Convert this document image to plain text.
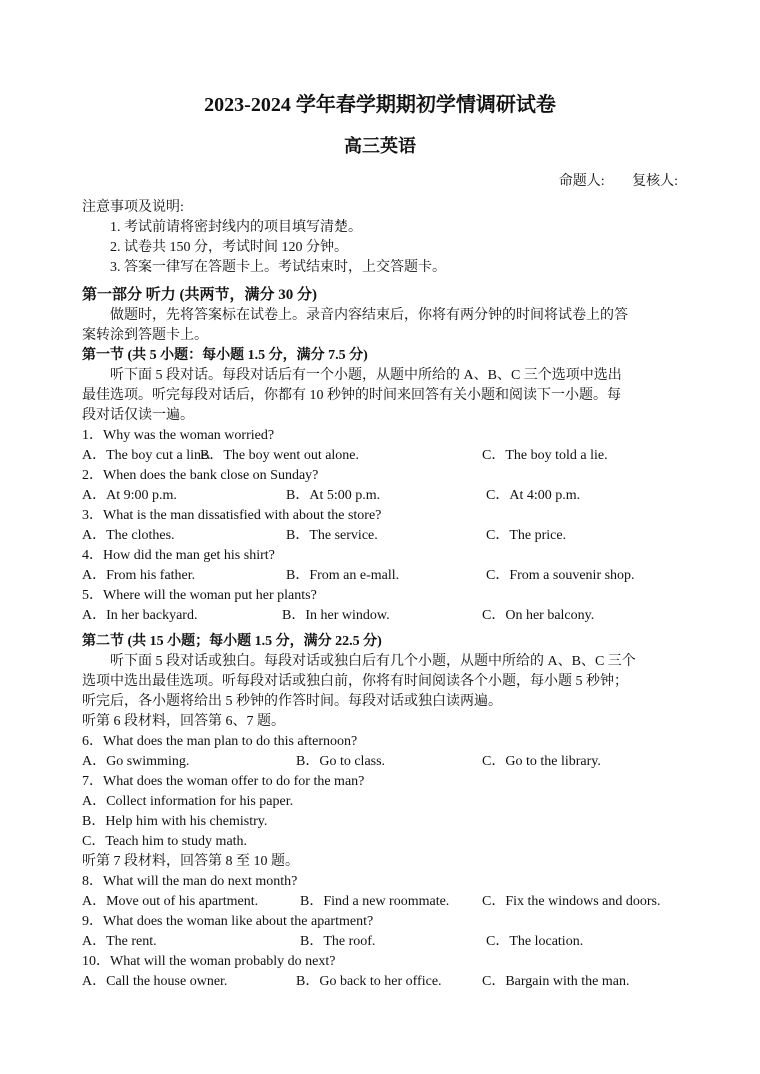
2023-2024 学年春学期期初学情调研试卷
高三英语
命题人: 复核人:
注意事项及说明:
1. 考试前请将密封线内的项目填写清楚。
2. 试卷共 150 分，考试时间 120 分钟。
3. 答案一律写在答题卡上。考试结束时，上交答题卡。
第一部分 听力 (共两节，满分 30 分)
做题时，先将答案标在试卷上。录音内容结束后，你将有两分钟的时间将试卷上的答
案转涂到答题卡上。
第一节 (共 5 小题：每小题 1.5 分，满分 7.5 分)
听下面 5 段对话。每段对话后有一个小题，从题中所给的 A、B、C 三个选项中选出
最佳选项。听完每段对话后，你都有 10 秒钟的时间来回答有关小题和阅读下一小题。每
段对话仅读一遍。
1．Why was the woman worried?
A．The boy cut a line.
B．The boy went out alone.	C．The boy told a lie.
2．When does the bank close on Sunday?
A．At 9:00 p.m.	B．At 5:00 p.m.	C．At 4:00 p.m.
3．What is the man dissatisfied with about the store?
A．The clothes.	B．The service.	C．The price.
4．How did the man get his shirt?
A．From his father.	B．From an e-mall.	C．From a souvenir shop.
5．Where will the woman put her plants?
A．In her backyard.	B．In her window.	C．On her balcony.
第二节 (共 15 小题；每小题 1.5 分，满分 22.5 分)
听下面 5 段对话或独白。每段对话或独白后有几个小题，从题中所给的 A、B、C 三个
选项中选出最佳选项。听每段对话或独白前，你将有时间阅读各个小题，每小题 5 秒钟；
听完后，各小题将给出 5 秒钟的作答时间。每段对话或独白读两遍。
听第 6 段材料，回答第 6、7 题。
6．What does the man plan to do this afternoon?
A．Go swimming.	B．Go to class.	C．Go to the library.
7．What does the woman offer to do for the man?
A．Collect information for his paper.
B．Help him with his chemistry.
C．Teach him to study math.
听第 7 段材料，回答第 8 至 10 题。
8．What will the man do next month?
A．Move out of his apartment.	B．Find a new roommate. C．Fix the windows and doors.
9．What does the woman like about the apartment?
A．The rent.	B．The roof.	C．The location.
10．What will the woman probably do next?
A．Call the house owner.	B．Go back to her office.	C．Bargain with the man.
